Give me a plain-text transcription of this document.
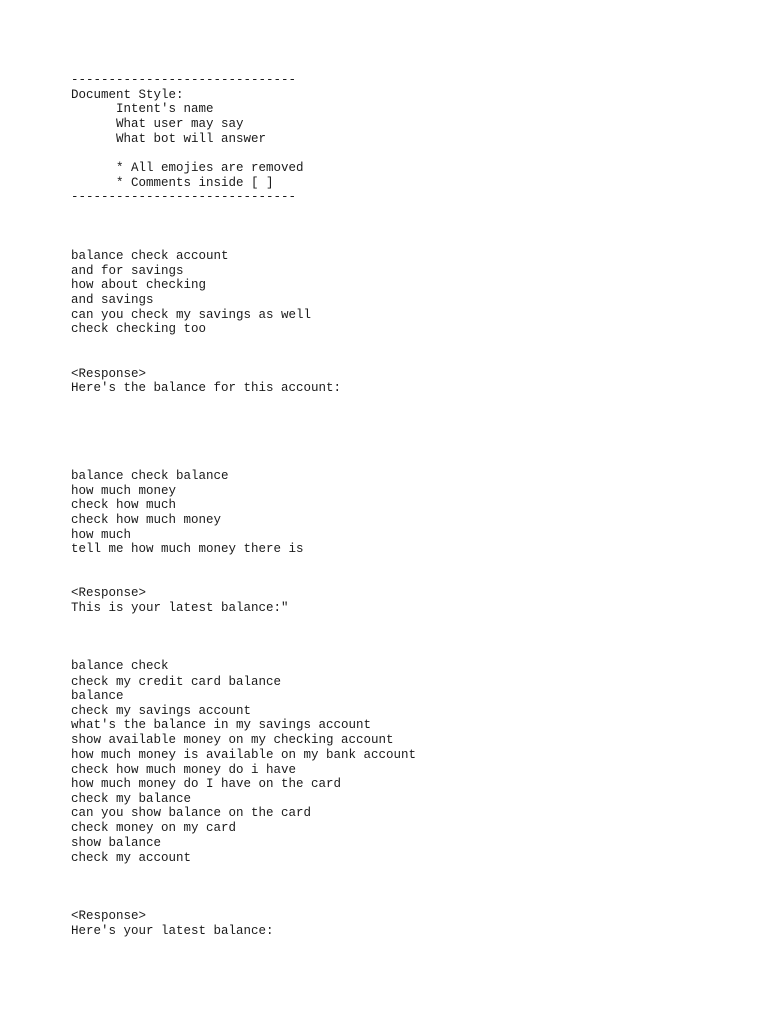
------------------------------

Document Style:

Intent's name

What user may say

What bot will answer

* All emojies are removed

* Comments inside [ ]

------------------------------

balance check account

and for savings

how about checking

and savings

can you check my savings as well

check checking too

<Response>

Here's the balance for this account:

balance check balance

how much money

check how much

check how much money

how much

tell me how much money there is

<Response>

This is your latest balance:"

balance check

check my credit card balance

balance

check my savings account

what's the balance in my savings account

show available money on my checking account

how much money is available on my bank account

check how much money do i have

how much money do I have on the card

check my balance

can you show balance on the card

check money on my card

show balance

check my account

<Response>

Here's your latest balance:
